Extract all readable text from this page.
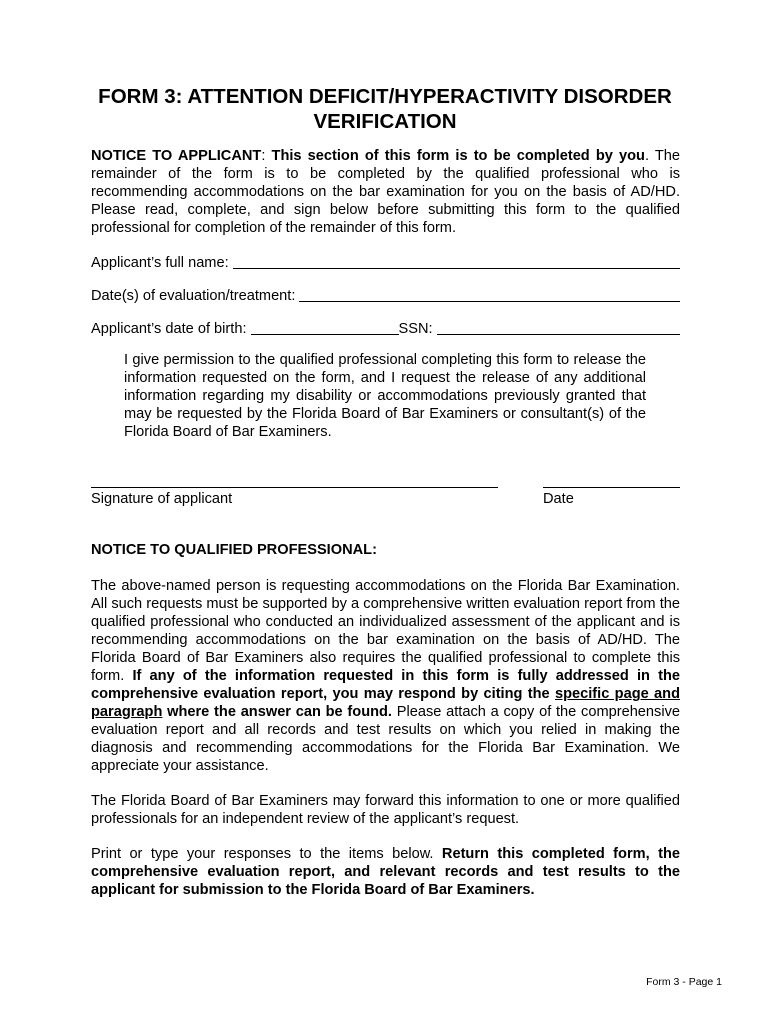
FORM 3: ATTENTION DEFICIT/HYPERACTIVITY DISORDER
VERIFICATION
NOTICE TO APPLICANT: This section of this form is to be completed by you. The remainder of the form is to be completed by the qualified professional who is recommending accommodations on the bar examination for you on the basis of AD/HD. Please read, complete, and sign below before submitting this form to the qualified professional for completion of the remainder of this form.
Applicant’s full name:
Date(s) of evaluation/treatment:
Applicant’s date of birth:	SSN:
I give permission to the qualified professional completing this form to release the information requested on the form, and I request the release of any additional information regarding my disability or accommodations previously granted that may be requested by the Florida Board of Bar Examiners or consultant(s) of the Florida Board of Bar Examiners.
Signature of applicant	Date
NOTICE TO QUALIFIED PROFESSIONAL:
The above-named person is requesting accommodations on the Florida Bar Examination. All such requests must be supported by a comprehensive written evaluation report from the qualified professional who conducted an individualized assessment of the applicant and is recommending accommodations on the bar examination on the basis of AD/HD. The Florida Board of Bar Examiners also requires the qualified professional to complete this form. If any of the information requested in this form is fully addressed in the comprehensive evaluation report, you may respond by citing the specific page and paragraph where the answer can be found. Please attach a copy of the comprehensive evaluation report and all records and test results on which you relied in making the diagnosis and recommending accommodations for the Florida Bar Examination. We appreciate your assistance.
The Florida Board of Bar Examiners may forward this information to one or more qualified professionals for an independent review of the applicant’s request.
Print or type your responses to the items below. Return this completed form, the comprehensive evaluation report, and relevant records and test results to the applicant for submission to the Florida Board of Bar Examiners.
Form 3 - Page 1
